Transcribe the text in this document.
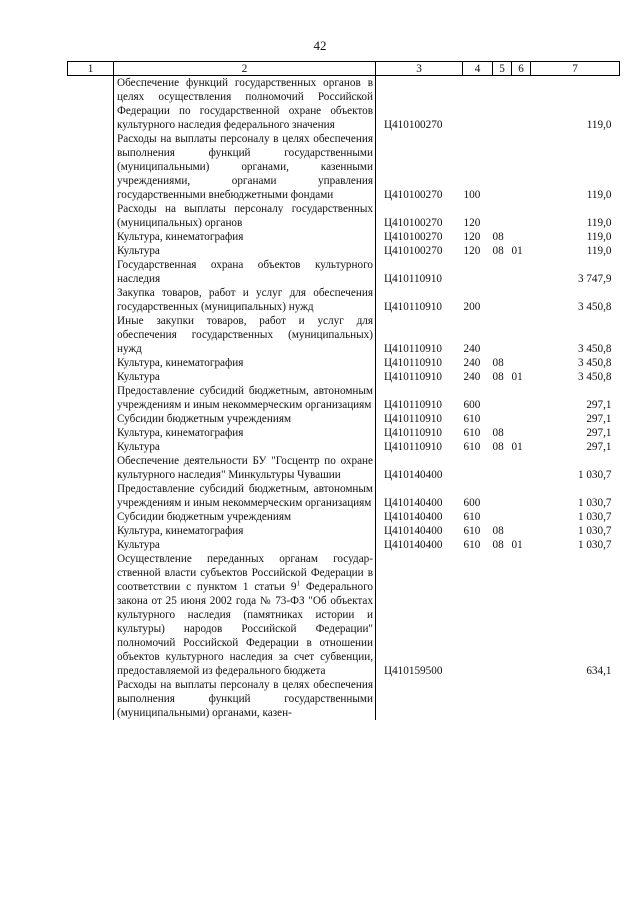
42
1	2	3	4	5	6	7
	Обеспечение функций государственных органов в целях осуществления полномочий Российской Федерации по государственной охране объектов культурного наследия федерального значения	Ц410100270				119,0
	Расходы на выплаты персоналу в целях обеспечения выполнения функций государственными (муниципальными) органами, казенными учреждениями, органами управления государственными внебюджетными фондами	Ц410100270	100			119,0
	Расходы на выплаты персоналу государственных (муниципальных) органов	Ц410100270	120			119,0
	Культура, кинематография	Ц410100270	120	08		119,0
	Культура	Ц410100270	120	08	01	119,0
	Государственная охрана объектов культурного наследия	Ц410110910				3 747,9
	Закупка товаров, работ и услуг для обеспечения государственных (муниципальных) нужд	Ц410110910	200			3 450,8
	Иные закупки товаров, работ и услуг для обеспечения государственных (муниципальных) нужд	Ц410110910	240			3 450,8
	Культура, кинематография	Ц410110910	240	08		3 450,8
	Культура	Ц410110910	240	08	01	3 450,8
	Предоставление субсидий бюджетным, автономным учреждениям и иным некоммерческим организациям	Ц410110910	600			297,1
	Субсидии бюджетным учреждениям	Ц410110910	610			297,1
	Культура, кинематография	Ц410110910	610	08		297,1
	Культура	Ц410110910	610	08	01	297,1
	Обеспечение деятельности БУ "Госцентр по охране культурного наследия" Минкультуры Чувашии	Ц410140400				1 030,7
	Предоставление субсидий бюджетным, автономным учреждениям и иным некоммерческим организациям	Ц410140400	600			1 030,7
	Субсидии бюджетным учреждениям	Ц410140400	610			1 030,7
	Культура, кинематография	Ц410140400	610	08		1 030,7
	Культура	Ц410140400	610	08	01	1 030,7
	Осуществление переданных органам государственной власти субъектов Российской Федерации в соответствии с пунктом 1 статьи $9^1$ Федерального закона от 25 июня 2002 года № 73-ФЗ "Об объектах культурного наследия (памятниках истории и культуры) народов Российской Федерации" полномочий Российской Федерации в отношении объектов культурного наследия за счет субвенции, предоставляемой из федерального бюджета	Ц410159500				634,1
	Расходы на выплаты персоналу в целях обеспечения выполнения функций государственными (муниципальными) органами, казен-					
